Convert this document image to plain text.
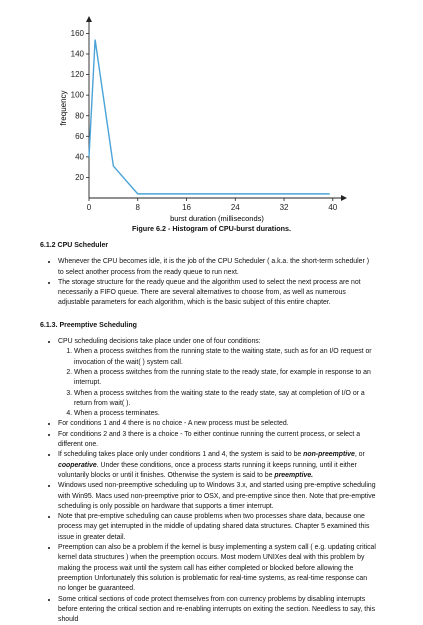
20
40
60
80
100
120
140
160
0	8	16	24	32	40
frequency
burst duration (milliseconds)
Figure 6.2 - Histogram of CPU-burst durations.

6.1.2 CPU Scheduler

• Whenever the CPU becomes idle, it is the job of the CPU Scheduler ( a.k.a. the short-term scheduler ) to select another process from the ready queue to run next.
• The storage structure for the ready queue and the algorithm used to select the next process are not necessarily a FIFO queue. There are several alternatives to choose from, as well as numerous adjustable parameters for each algorithm, which is the basic subject of this entire chapter.

6.1.3. Preemptive Scheduling

• CPU scheduling decisions take place under one of four conditions:
1. When a process switches from the running state to the waiting state, such as for an I/O request or invocation of the wait( ) system call.
2. When a process switches from the running state to the ready state, for example in response to an interrupt.
3. When a process switches from the waiting state to the ready state, say at completion of I/O or a return from wait( ).
4. When a process terminates.
• For conditions 1 and 4 there is no choice - A new process must be selected.
• For conditions 2 and 3 there is a choice - To either continue running the current process, or select a different one.
• If scheduling takes place only under conditions 1 and 4, the system is said to be non-preemptive, or cooperative. Under these conditions, once a process starts running it keeps running, until it either voluntarily blocks or until it finishes. Otherwise the system is said to be preemptive.
• Windows used non-preemptive scheduling up to Windows 3.x, and started using pre-emptive scheduling with Win95. Macs used non-preemptive prior to OSX, and pre-emptive since then. Note that pre-emptive scheduling is only possible on hardware that supports a timer interrupt.
• Note that pre-emptive scheduling can cause problems when two processes share data, because one process may get interrupted in the middle of updating shared data structures. Chapter 5 examined this issue in greater detail.
• Preemption can also be a problem if the kernel is busy implementing a system call ( e.g. updating critical kernel data structures ) when the preemption occurs. Most modern UNIXes deal with this problem by making the process wait until the system call has either completed or blocked before allowing the preemption Unfortunately this solution is problematic for real-time systems, as real-time response can no longer be guaranteed.
• Some critical sections of code protect themselves from con currency problems by disabling interrupts before entering the critical section and re-enabling interrupts on exiting the section. Needless to say, this should
